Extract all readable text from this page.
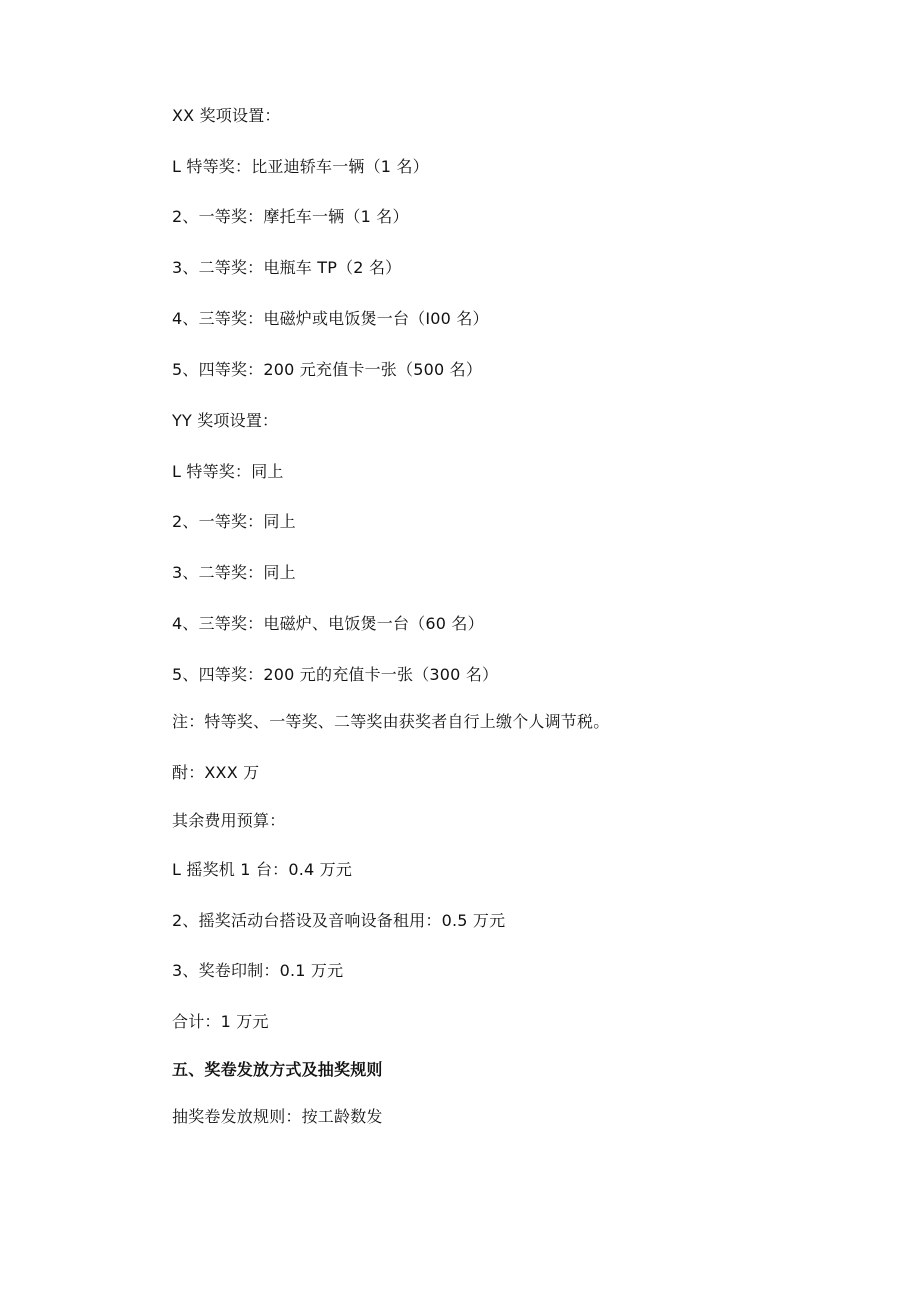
XX 奖项设置：
L 特等奖：比亚迪轿车一辆（1 名）
2、一等奖：摩托车一辆（1 名）
3、二等奖：电瓶车 TP（2 名）
4、三等奖：电磁炉或电饭煲一台（I00 名）
5、四等奖：200 元充值卡一张（500 名）
YY 奖项设置：
L 特等奖：同上
2、一等奖：同上
3、二等奖：同上
4、三等奖：电磁炉、电饭煲一台（60 名）
5、四等奖：200 元的充值卡一张（300 名）
注：特等奖、一等奖、二等奖由获奖者自行上缴个人调节税。
酎：XXX 万
其余费用预算：
L 摇奖机 1 台：0.4 万元
2、摇奖活动台搭设及音响设备租用：0.5 万元
3、奖卷印制：0.1 万元
合计：1 万元
五、奖卷发放方式及抽奖规则
抽奖卷发放规则：按工龄数发
